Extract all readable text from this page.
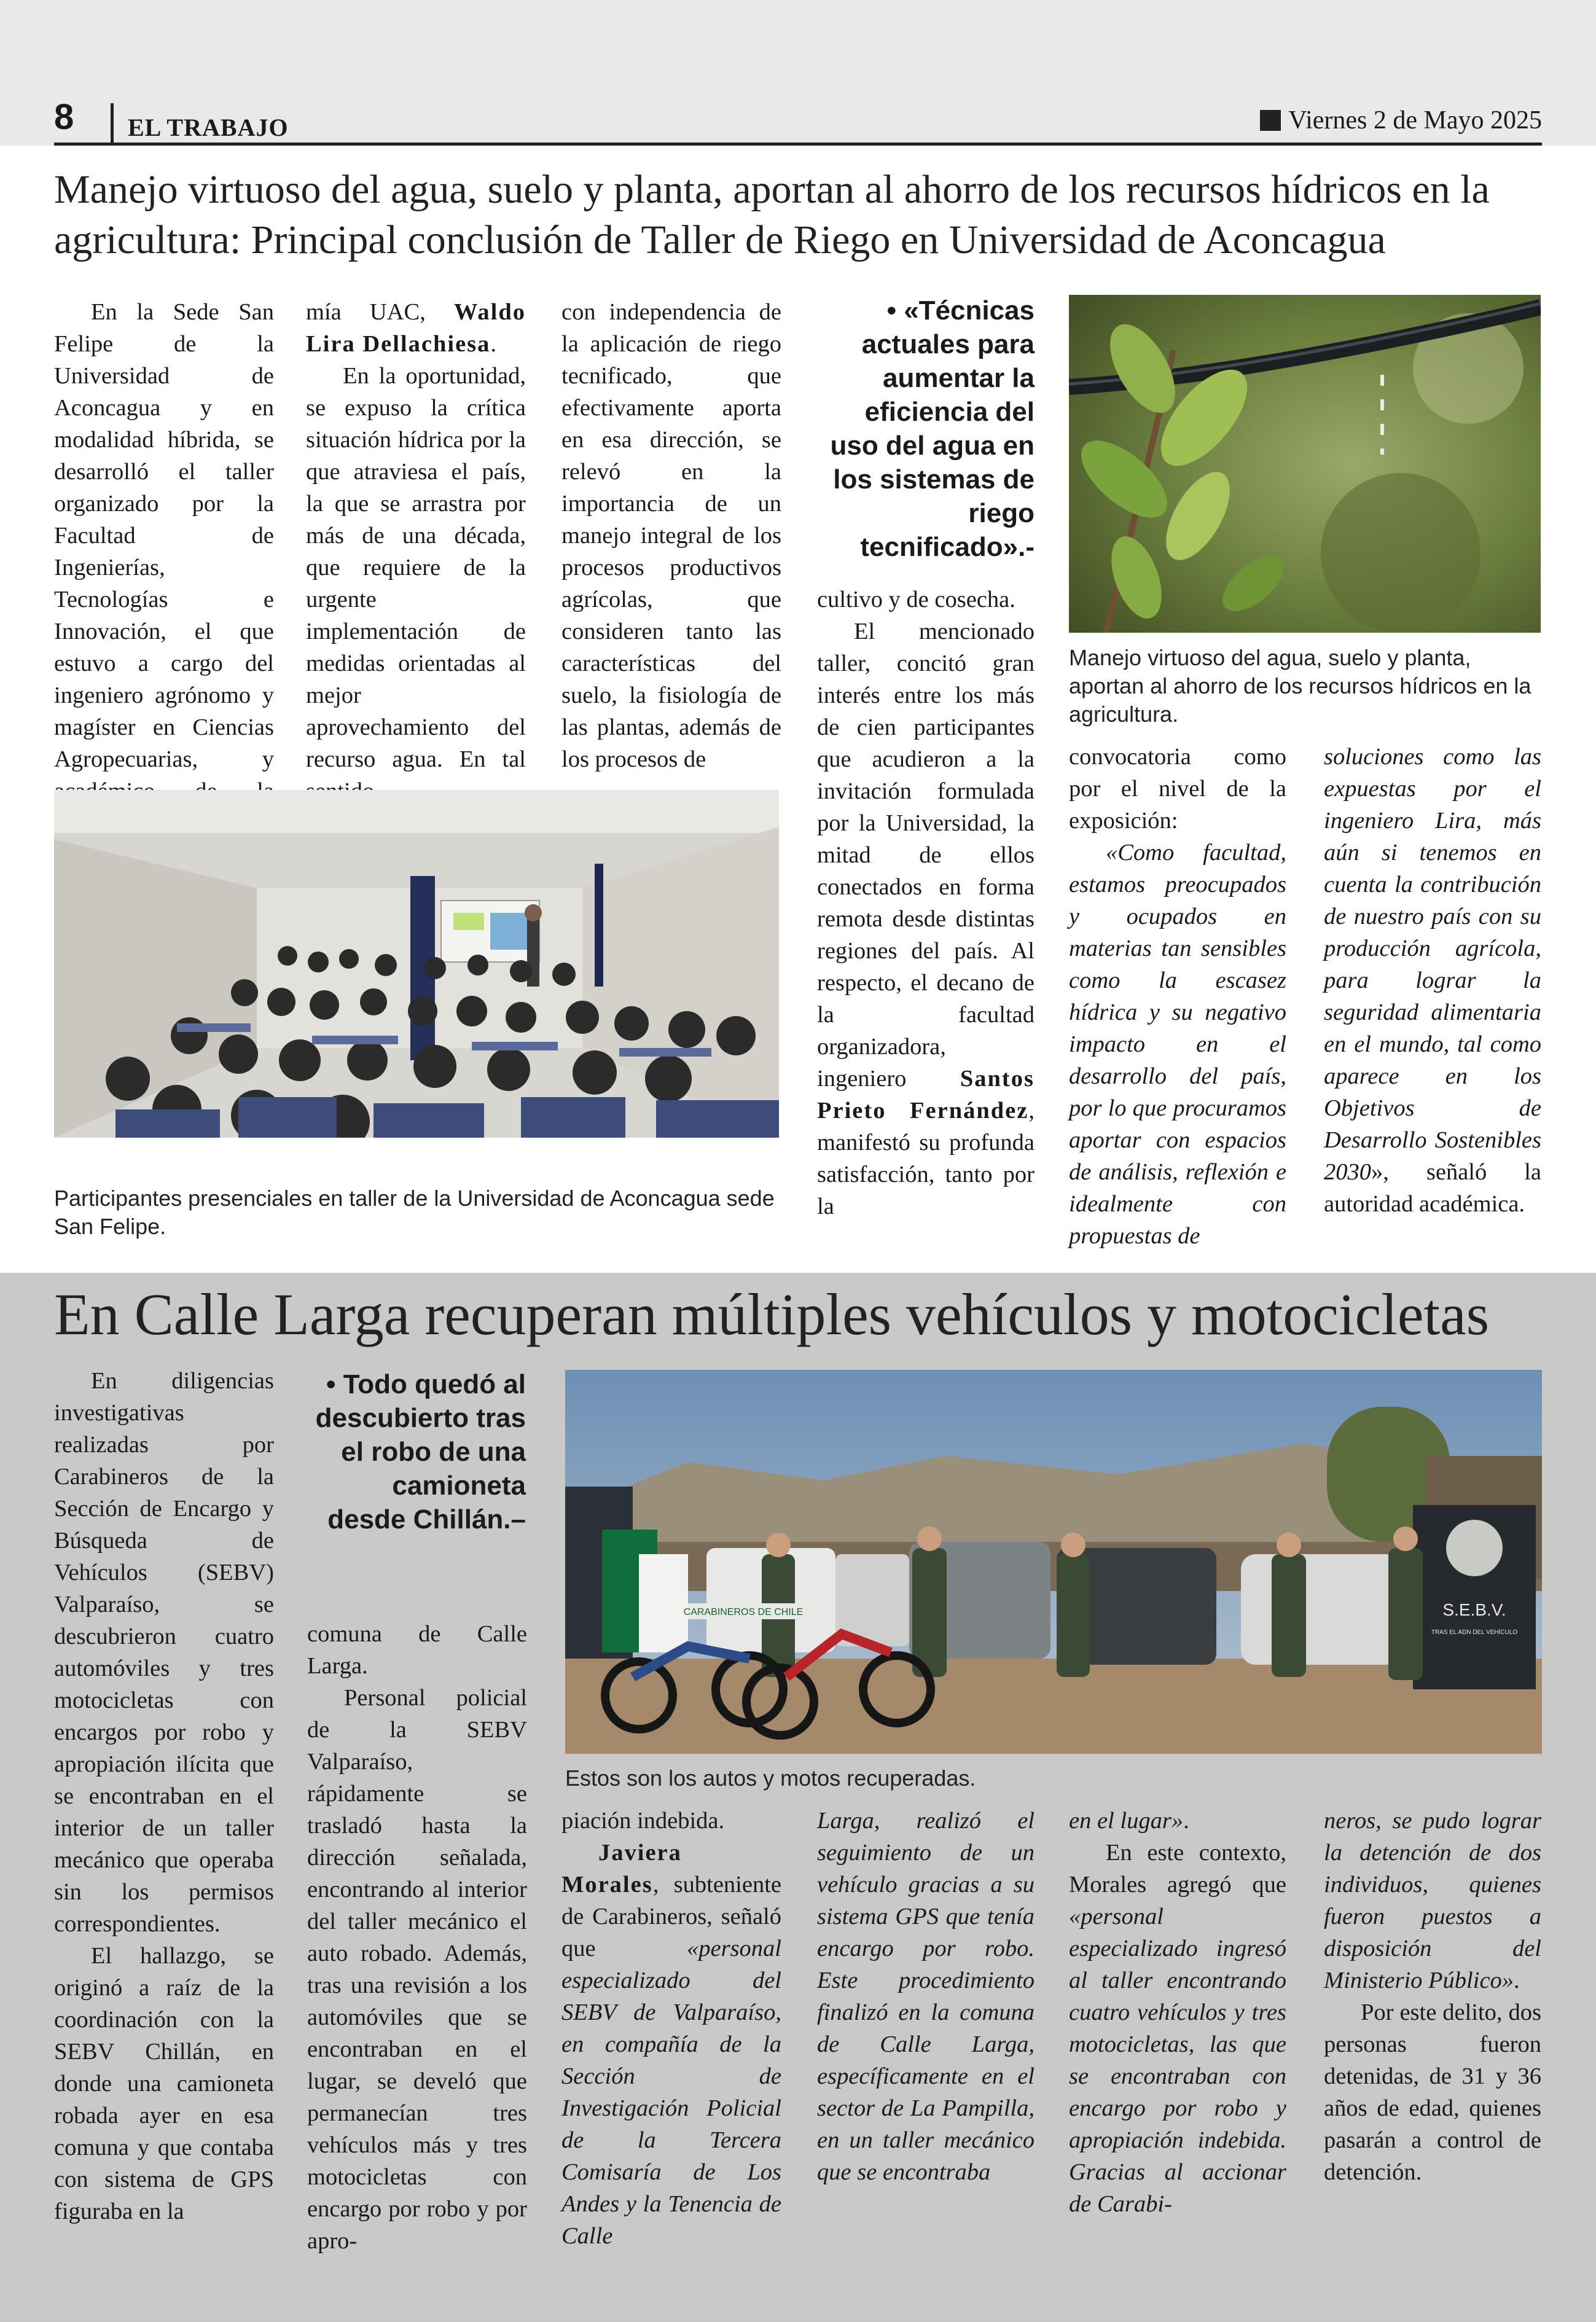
8 EL TRABAJO	Viernes 2 de Mayo 2025
Manejo virtuoso del agua, suelo y planta, aportan al ahorro de los recursos hídricos en la agricultura: Principal conclusión de Taller de Riego en Universidad de Aconcagua

En la Sede San Felipe de la Universidad de Aconcagua y en modalidad híbrida, se desarrolló el taller organizado por la Facultad de Ingenierías, Tecnologías e Innovación, el que estuvo a cargo del ingeniero agrónomo y magíster en Ciencias Agropecuarias, y

mía UAC, Waldo Lira Dellachiesa.

En la oportunidad, se expuso la crítica situación hídrica por la que atraviesa el país, la que se arrastra por más de una década, que requiere de la urgente implementación de medidas orientadas al mejor aprovechamiento del recurso agua. En tal

con independencia de la aplicación de riego tecnificado, que efectivamente aporta en esa dirección, se relevó en la importancia de un manejo integral de los procesos productivos agrícolas, que consideren tanto las características del suelo, la fisiología de las plantas, además de los procesos de

• «Técnicas actuales para aumentar la eficiencia del uso del agua en los sistemas de riego tecnificado».-
Manejo virtuoso del agua, suelo y planta, aportan al ahorro de los recursos hídricos en la agricultura.
Participantes presenciales en taller de la Universidad de Aconcagua sede San Felipe.

cultivo y de cosecha.

El mencionado taller, concitó gran interés entre los más de cien participantes que acudieron a la invitación formulada por la Universidad, la mitad de ellos conectados en forma remota desde distintas regiones del país. Al respecto, el decano de la facultad organizadora, ingeniero Santos Prieto Fernández, manifestó su profunda satisfacción, tanto por la

convocatoria como por el nivel de la exposición:

«Como facultad, estamos preocupados y ocupados en materias tan sensibles como la escasez hídrica y su negativo impacto en el desarrollo del país, por lo que procuramos aportar con espacios de análisis, reflexión e idealmente con propuestas de

soluciones como las expuestas por el ingeniero Lira, más aún si tenemos en cuenta la contribución de nuestro país con su producción agrícola, para lograr la seguridad alimentaria en el mundo, tal como aparece en los Objetivos de Desarrollo Sostenibles 2030», señaló la autoridad académica.

En Calle Larga recuperan múltiples vehículos y motocicletas

En diligencias investigativas realizadas por Carabineros de la Sección de Encargo y Búsqueda de Vehículos (SEBV) Valparaíso, se descubrieron cuatro automóviles y tres motocicletas con encargos por robo y apropiación ilícita que se encontraban en el interior de un taller mecánico que operaba sin los permisos correspondientes.

El hallazgo, se originó a raíz de la coordinación con la SEBV Chillán, en donde una camioneta robada ayer en esa comuna y que contaba con sistema de GPS figuraba en la

• Todo quedó al descubierto tras el robo de una camioneta desde Chillán.–

comuna de Calle Larga.

Personal policial de la SEBV Valparaíso, rápidamente se trasladó hasta la dirección señalada, encontrando al interior del taller mecánico el auto robado. Además, tras una revisión a los automóviles que se encontraban en el lugar, se develó que permanecían tres vehículos más y tres motocicletas con encargo por robo y por apro-

S.E.B.V.
TRAS EL ADN DEL VEHÍCULO
CARABINEROS DE CHILE
Estos son los autos y motos recuperadas.

piación indebida.

Javiera Morales, subteniente de Carabineros, señaló que «personal especializado del SEBV de Valparaíso, en compañía de la Sección de Investigación Policial de la Tercera Comisaría de Los Andes y la Tenencia de Calle

Larga, realizó el seguimiento de un vehículo gracias a su sistema GPS que tenía encargo por robo. Este procedimiento finalizó en la comuna de Calle Larga, específicamente en el sector de La Pampilla, en un taller mecánico que se encontraba

en el lugar».

En este contexto, Morales agregó que «personal especializado ingresó al taller encontrando cuatro vehículos y tres motocicletas, las que se encontraban con encargo por robo y apropiación indebida. Gracias al accionar de Carabi-

neros, se pudo lograr la detención de dos individuos, quienes fueron puestos a disposición del Ministerio Público».

Por este delito, dos personas fueron detenidas, de 31 y 36 años de edad, quienes pasarán a control de detención.
